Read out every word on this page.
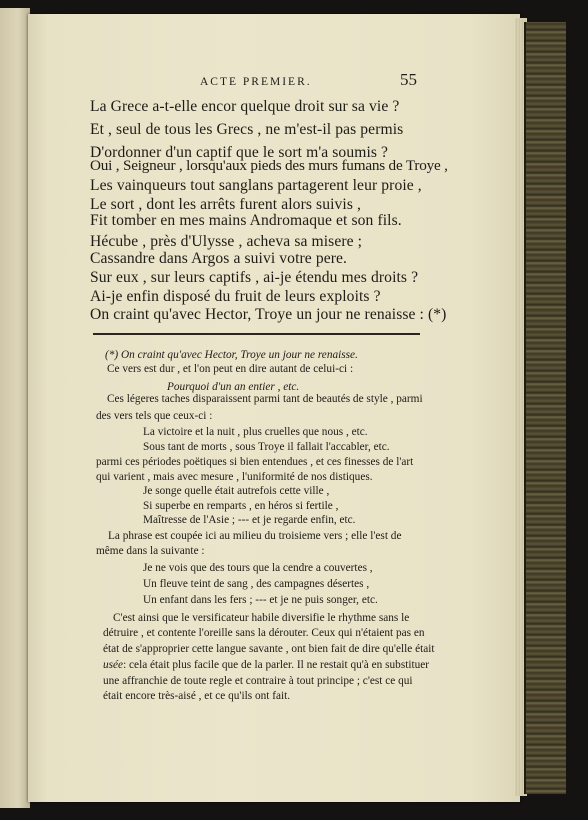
ACTE PREMIER.	55
La Grece a-t-elle encor quelque droit sur sa vie ?
Et , seul de tous les Grecs , ne m'est-il pas permis
D'ordonner d'un captif que le sort m'a soumis ?
Oui , Seigneur , lorsqu'aux pieds des murs fumans de Troye ,
Les vainqueurs tout sanglans partagerent leur proie ,
Le sort , dont les arrêts furent alors suivis ,
Fit tomber en mes mains Andromaque et son fils.
Hécube , près d'Ulysse , acheva sa misere ;
Cassandre dans Argos a suivi votre pere.
Sur eux , sur leurs captifs , ai-je étendu mes droits ?
Ai-je enfin disposé du fruit de leurs exploits ?
On craint qu'avec Hector, Troye un jour ne renaisse : (*)
(*) On craint qu'avec Hector, Troye un jour ne renaisse.
Ce vers est dur , et l'on peut en dire autant de celui-ci :
Pourquoi d'un an entier , etc.
Ces légeres taches disparaissent parmi tant de beautés de style , parmi
des vers tels que ceux-ci :
La victoire et la nuit , plus cruelles que nous , etc.
Sous tant de morts , sous Troye il fallait l'accabler, etc.
parmi ces périodes poëtiques si bien entendues , et ces finesses de l'art
qui varient , mais avec mesure , l'uniformité de nos distiques.
Je songe quelle était autrefois cette ville ,
Si superbe en remparts , en héros si fertile ,
Maîtresse de l'Asie ; --- et je regarde enfin, etc.
La phrase est coupée ici au milieu du troisieme vers ; elle l'est de
même dans la suivante :
Je ne vois que des tours que la cendre a couvertes ,
Un fleuve teint de sang , des campagnes désertes ,
Un enfant dans les fers ; --- et je ne puis songer, etc.
C'est ainsi que le versificateur habile diversifie le rhythme sans le
détruire , et contente l'oreille sans la dérouter. Ceux qui n'étaient pas en
état de s'approprier cette langue savante , ont bien fait de dire qu'elle était
usée: cela était plus facile que de la parler. Il ne restait qu'à en substituer
une affranchie de toute regle et contraire à tout principe ; c'est ce qui
était encore très-aisé , et ce qu'ils ont fait.
